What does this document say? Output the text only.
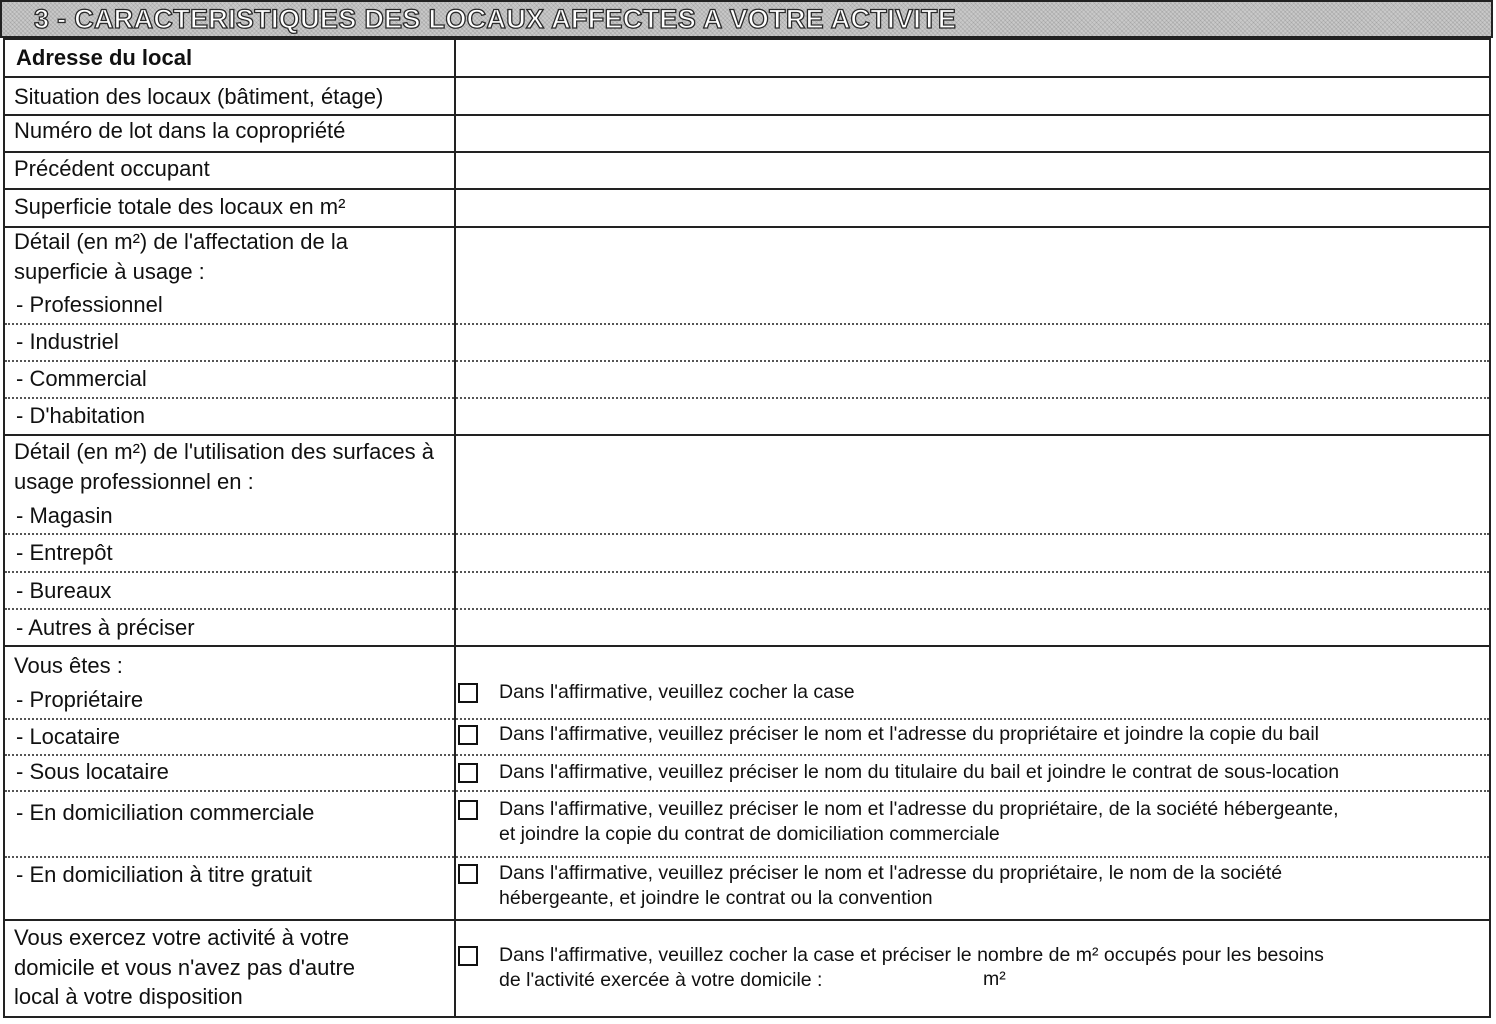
3 - CARACTERISTIQUES DES LOCAUX AFFECTES A VOTRE ACTIVITE
Adresse du local
Situation des locaux (bâtiment, étage)
Numéro de lot dans la copropriété
Précédent occupant
Superficie totale des locaux en m²
Détail (en m²) de l'affectation de la superficie à usage :
- Professionnel
- Industriel
- Commercial
- D'habitation
Détail (en m²) de l'utilisation des surfaces à usage professionnel en :
- Magasin
- Entrepôt
- Bureaux
- Autres à préciser
Vous êtes :
- Propriétaire
- Locataire
- Sous locataire
- En domiciliation commerciale
- En domiciliation à titre gratuit
Dans l'affirmative, veuillez cocher la case
Dans l'affirmative, veuillez préciser le nom et l'adresse du propriétaire et joindre la copie du bail
Dans l'affirmative, veuillez préciser le nom du titulaire du bail et joindre le contrat de sous-location
Dans l'affirmative, veuillez préciser le nom et l'adresse du propriétaire, de la société hébergeante,
et joindre la copie du contrat de domiciliation commerciale
Dans l'affirmative, veuillez préciser le nom et l'adresse du propriétaire, le nom de la société
hébergeante, et joindre le contrat ou la convention
Vous exercez votre activité à votre
domicile et vous n'avez pas d'autre
local à votre disposition
Dans l'affirmative, veuillez cocher la case et préciser le nombre de m² occupés pour les besoins
de l'activité exercée à votre domicile :	m²
